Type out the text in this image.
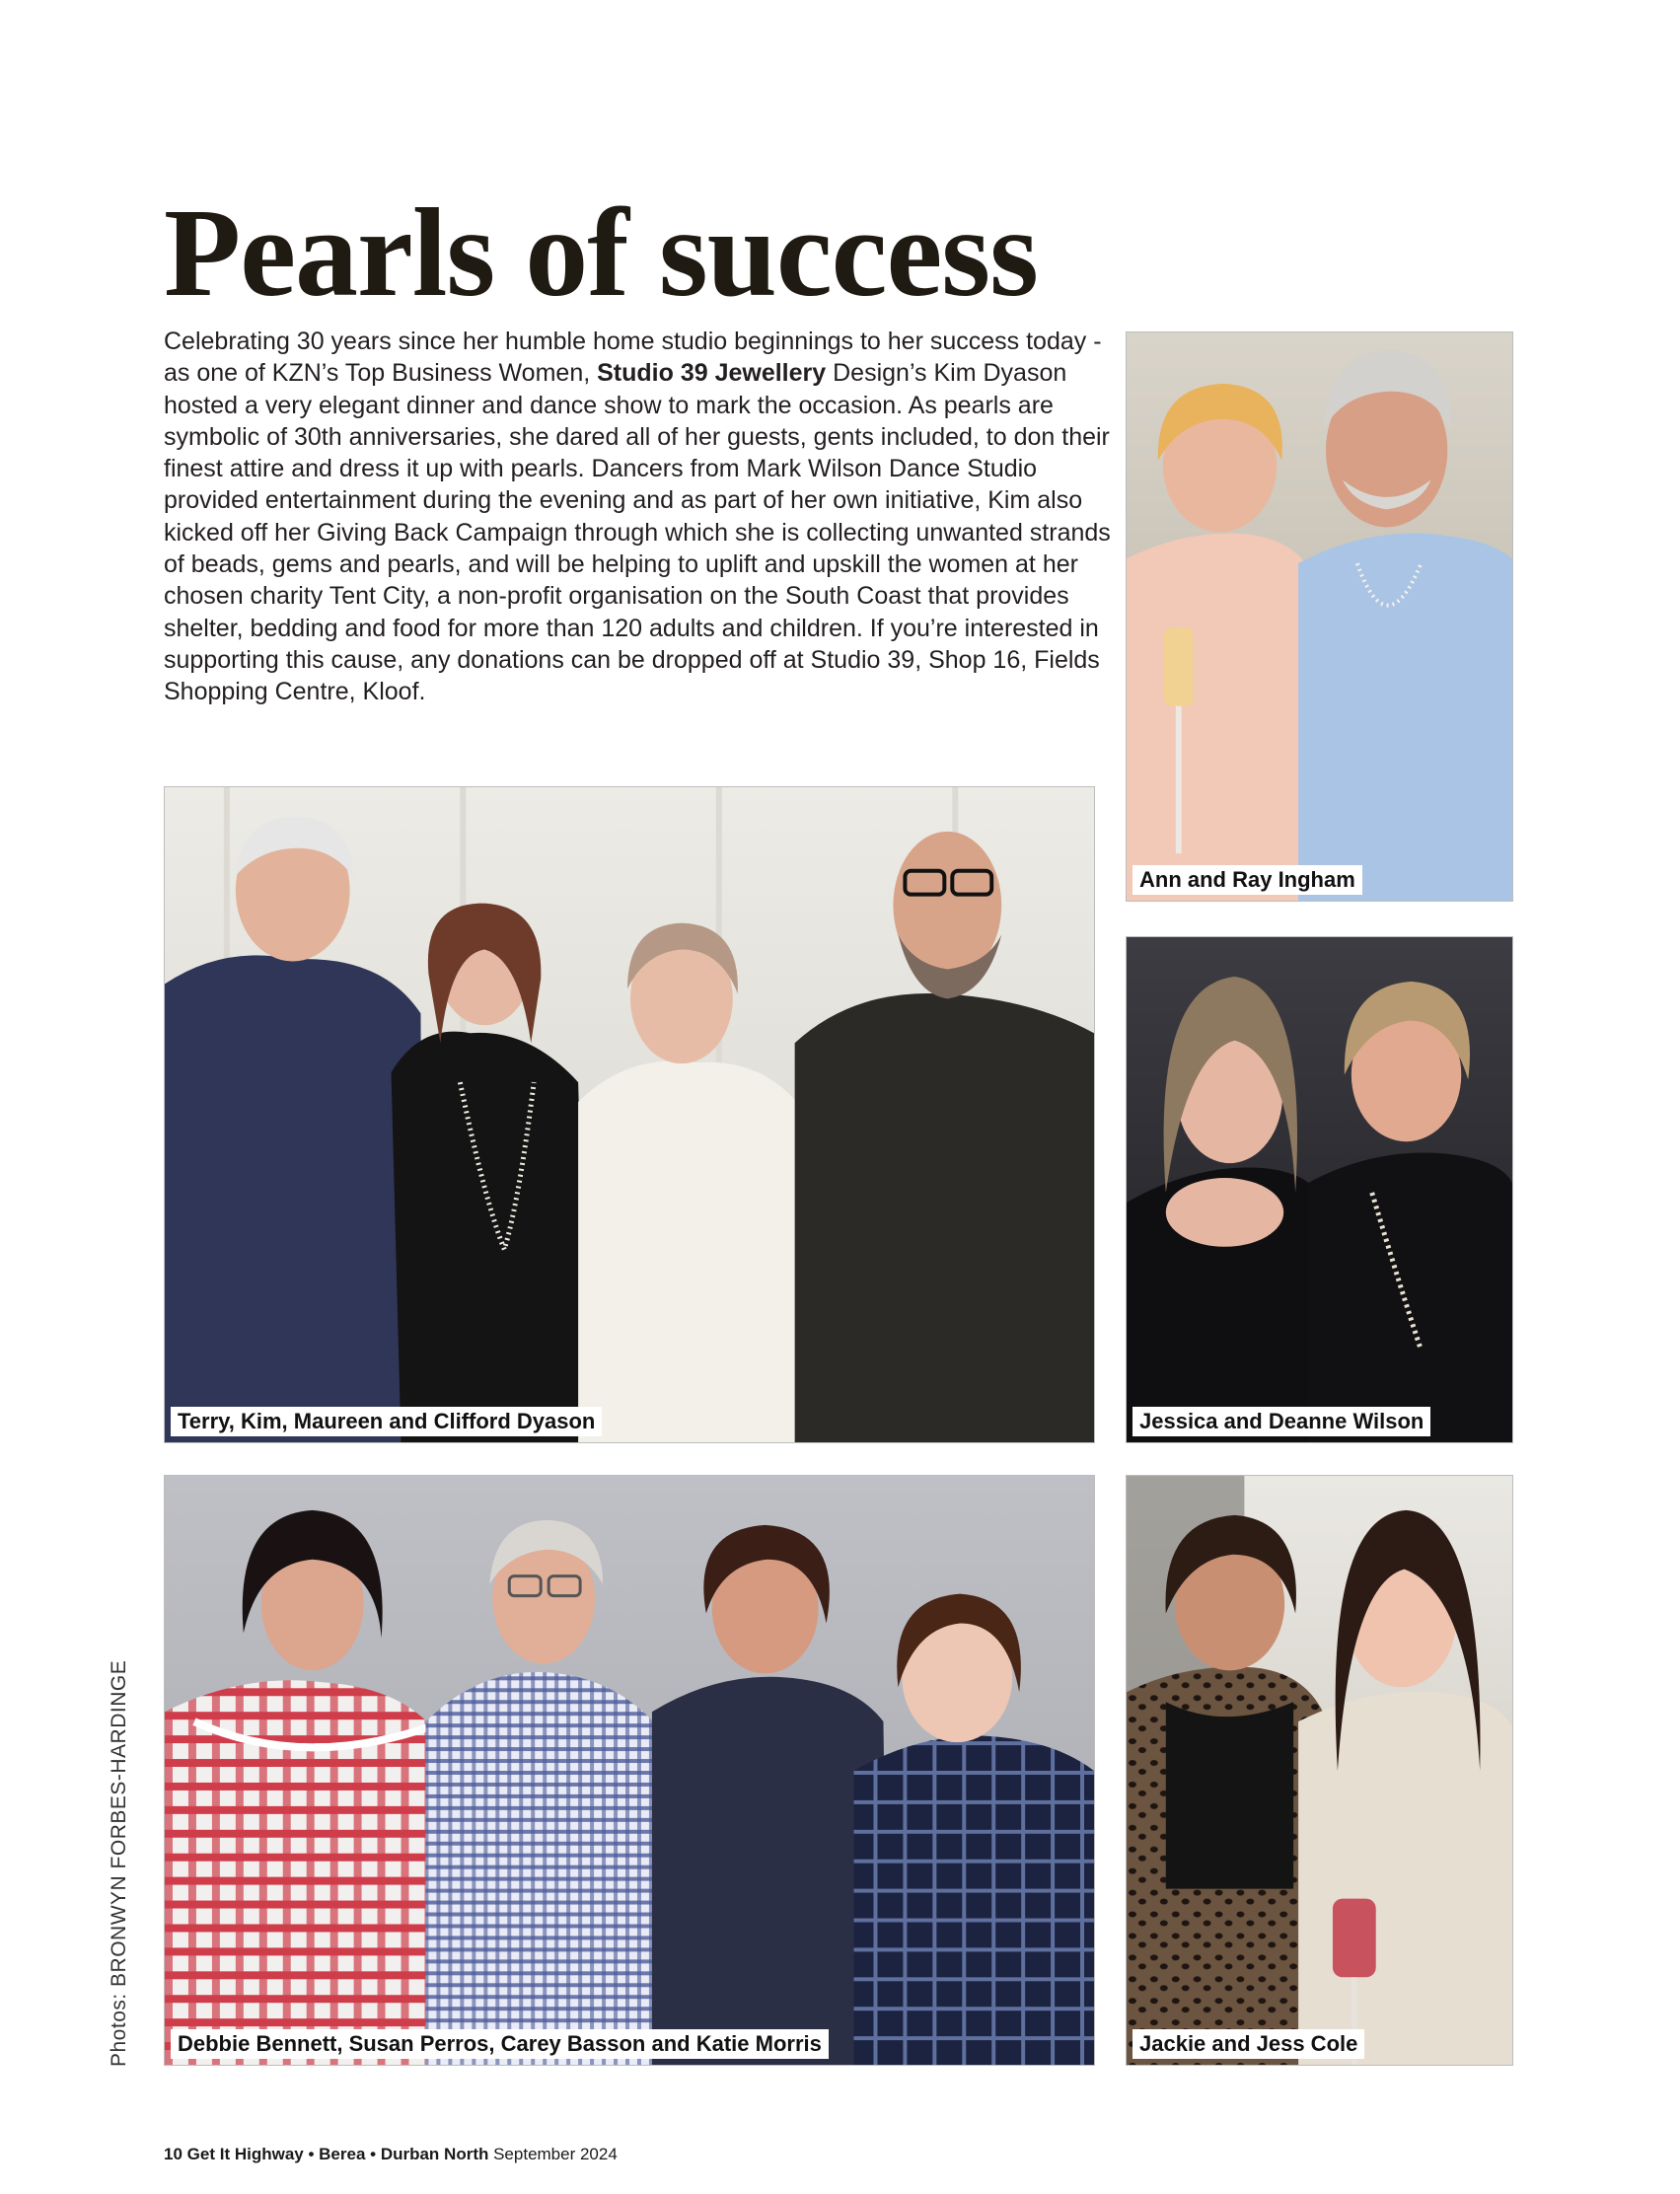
Pearls of success

Celebrating 30 years since her humble home studio beginnings to her success today - as one of KZN’s Top Business Women, Studio 39 Jewellery Design’s Kim Dyason hosted a very elegant dinner and dance show to mark the occasion. As pearls are symbolic of 30th anniversaries, she dared all of her guests, gents included, to don their finest attire and dress it up with pearls. Dancers from Mark Wilson Dance Studio provided entertainment during the evening and as part of her own initiative, Kim also kicked off her Giving Back Campaign through which she is collecting unwanted strands of beads, gems and pearls, and will be helping to uplift and upskill the women at her chosen charity Tent City, a non-profit organisation on the South Coast that provides shelter, bedding and food for more than 120 adults and children. If you’re interested in supporting this cause, any donations can be dropped off at Studio 39, Shop 16, Fields Shopping Centre, Kloof.

Terry, Kim, Maureen and Clifford Dyason
Debbie Bennett, Susan Perros, Carey Basson and Katie Morris
Ann and Ray Ingham
Jessica and Deanne Wilson
Jackie and Jess Cole
Photos: BRONWYN FORBES-HARDINGE
10 Get It Highway • Berea • Durban North September 2024
